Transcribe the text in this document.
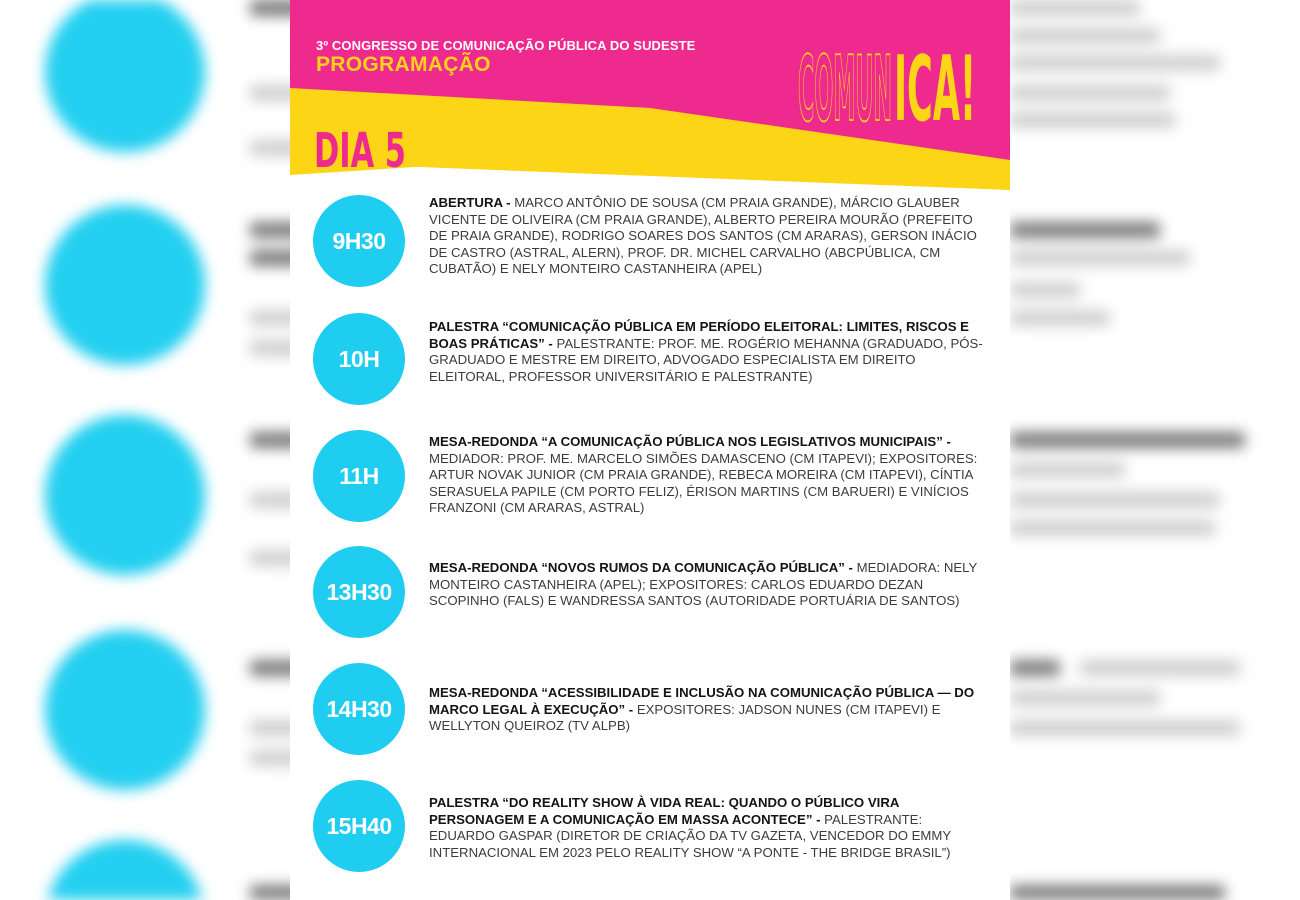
3º CONGRESSO DE COMUNICAÇÃO PÚBLICA DO SUDESTE
PROGRAMAÇÃO	COMUN ICA!
DIA 5
9H30
ABERTURA - MARCO ANTÔNIO DE SOUSA (CM PRAIA GRANDE), MÁRCIO GLAUBER VICENTE DE OLIVEIRA (CM PRAIA GRANDE), ALBERTO PEREIRA MOURÃO (PREFEITO DE PRAIA GRANDE), RODRIGO SOARES DOS SANTOS (CM ARARAS), GERSON INÁCIO DE CASTRO (ASTRAL, ALERN), PROF. DR. MICHEL CARVALHO (ABCPÚBLICA, CM CUBATÃO) E NELY MONTEIRO CASTANHEIRA (APEL)
10H
PALESTRA “COMUNICAÇÃO PÚBLICA EM PERÍODO ELEITORAL: LIMITES, RISCOS E BOAS PRÁTICAS” - PALESTRANTE: PROF. ME. ROGÉRIO MEHANNA (GRADUADO, PÓS-GRADUADO E MESTRE EM DIREITO, ADVOGADO ESPECIALISTA EM DIREITO ELEITORAL, PROFESSOR UNIVERSITÁRIO E PALESTRANTE)
11H
MESA-REDONDA “A COMUNICAÇÃO PÚBLICA NOS LEGISLATIVOS MUNICIPAIS” - MEDIADOR: PROF. ME. MARCELO SIMÕES DAMASCENO (CM ITAPEVI); EXPOSITORES: ARTUR NOVAK JUNIOR (CM PRAIA GRANDE), REBECA MOREIRA (CM ITAPEVI), CÍNTIA SERASUELA PAPILE (CM PORTO FELIZ), ÉRISON MARTINS (CM BARUERI) E VINÍCIOS FRANZONI (CM ARARAS, ASTRAL)
13H30
MESA-REDONDA “NOVOS RUMOS DA COMUNICAÇÃO PÚBLICA” - MEDIADORA: NELY MONTEIRO CASTANHEIRA (APEL); EXPOSITORES: CARLOS EDUARDO DEZAN SCOPINHO (FALS) E WANDRESSA SANTOS (AUTORIDADE PORTUÁRIA DE SANTOS)
14H30
MESA-REDONDA “ACESSIBILIDADE E INCLUSÃO NA COMUNICAÇÃO PÚBLICA — DO MARCO LEGAL À EXECUÇÃO” - EXPOSITORES: JADSON NUNES (CM ITAPEVI) E WELLYTON QUEIROZ (TV ALPB)
15H40
PALESTRA “DO REALITY SHOW À VIDA REAL: QUANDO O PÚBLICO VIRA PERSONAGEM E A COMUNICAÇÃO EM MASSA ACONTECE” - PALESTRANTE: EDUARDO GASPAR (DIRETOR DE CRIAÇÃO DA TV GAZETA, VENCEDOR DO EMMY INTERNACIONAL EM 2023 PELO REALITY SHOW “A PONTE - THE BRIDGE BRASIL”)
